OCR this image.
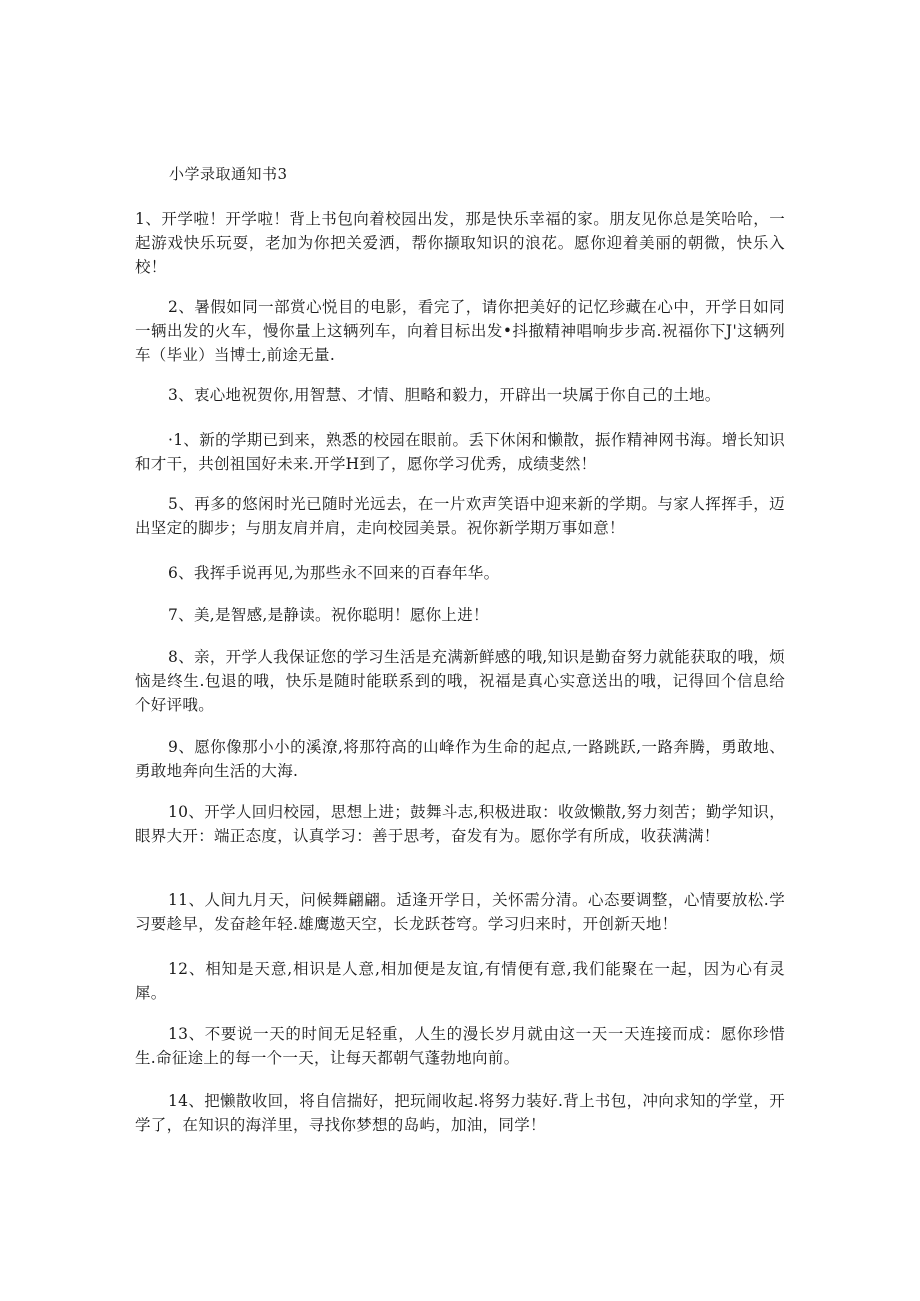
小学录取通知书3

1、开学啦！开学啦！背上书包向着校园出发，那是快乐幸福的家。朋友见你总是笑哈哈，一起游戏快乐玩耍，老加为你把关爱洒，帮你撷取知识的浪花。愿你迎着美丽的朝微，快乐入校！

2、暑假如同一部赏心悦目的电影，看完了，请你把美好的记忆珍藏在心中，开学日如同一辆出发的火车，慢你量上这辆列车，向着目标出发•抖撤精神唱响步步高.祝福你下J'这辆列车（毕业）当博士,前途无量.

3、衷心地祝贺你,用智慧、才情、胆略和毅力，开辟出一块属于你自己的土地。

·1、新的学期已到来，熟悉的校园在眼前。丢下休闲和懒散，振作精神网书海。增长知识和才干，共创祖国好未来.开学H到了，愿你学习优秀，成绩斐然！

5、再多的悠闲时光已随时光远去，在一片欢声笑语中迎来新的学期。与家人挥挥手，迈出坚定的脚步；与朋友肩并肩，走向校园美景。祝你新学期万事如意！

6、我挥手说再见,为那些永不回来的百春年华。

7、美,是智感,是静读。祝你聪明！愿你上进！

8、亲，开学人我保证您的学习生活是充满新鲜感的哦,知识是勤奋努力就能获取的哦，烦恼是终生.包退的哦，快乐是随时能联系到的哦，祝福是真心实意送出的哦，记得回个信息给个好评哦。

9、愿你像那小小的溪潦,将那符高的山峰作为生命的起点,一路跳跃,一路奔腾，勇敢地、勇敢地奔向生活的大海.

10、开学人回归校园，思想上进；鼓舞斗志,积极进取：收敛懒散,努力刻苦；勤学知识，眼界大开：端正态度，认真学习：善于思考，奋发有为。愿你学有所成，收获满满！

11、人间九月天，问候舞翩翩。适逢开学日，关怀需分清。心态要调整，心情要放松.学习要趁早，发奋趁年轻.雄鹰遨天空，长龙跃苍穹。学习归来时，开创新天地！

12、相知是天意,相识是人意,相加便是友谊,有情便有意,我们能聚在一起，因为心有灵犀。

13、不要说一天的时间无足轻重，人生的漫长岁月就由这一天一天连接而成：愿你珍惜生.命征途上的每一个一天，让每天都朝气蓬勃地向前。

14、把懒散收回，将自信揣好，把玩闹收起.将努力装好.背上书包，冲向求知的学堂，开学了，在知识的海洋里，寻找你梦想的岛屿，加油，同学！
